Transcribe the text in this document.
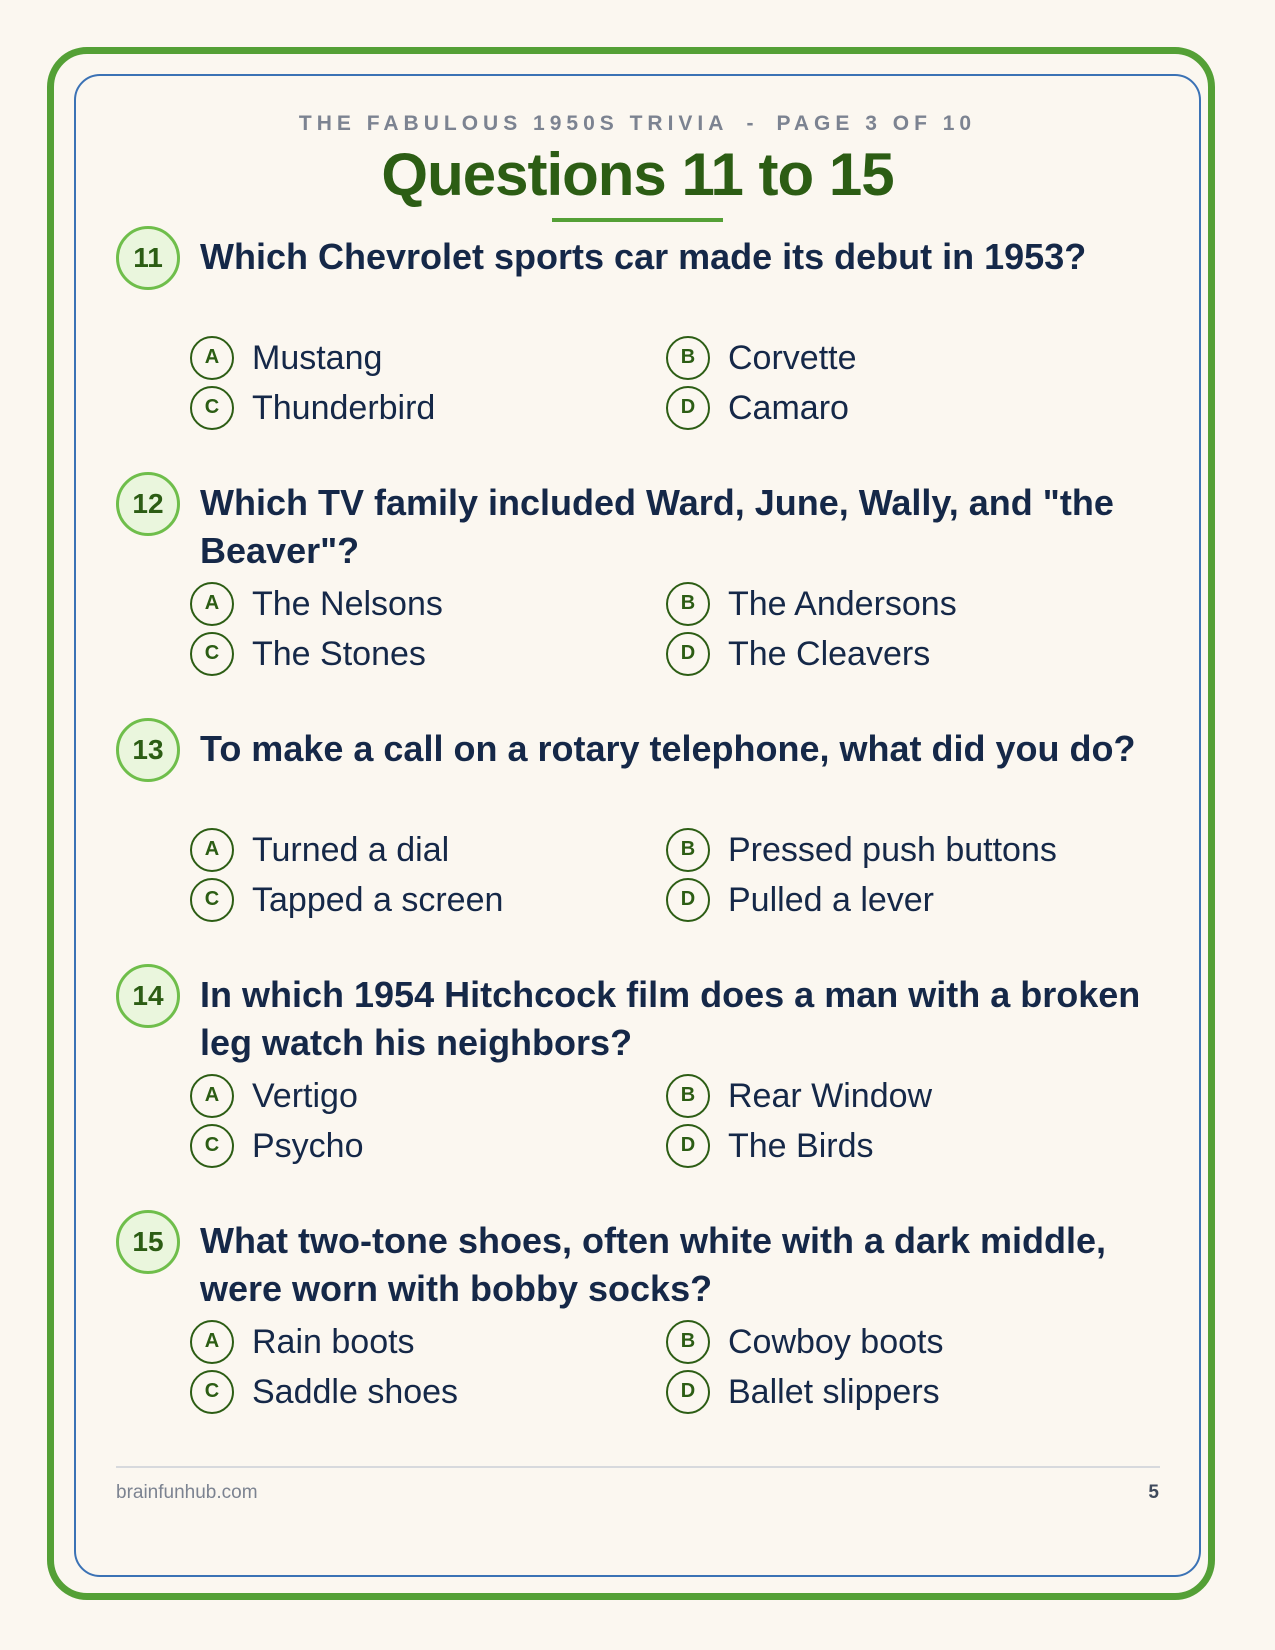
THE FABULOUS 1950S TRIVIA - PAGE 3 OF 10
Questions 11 to 15
11	Which Chevrolet sports car made its debut in 1953?
A Mustang	B Corvette
C Thunderbird	D Camaro
12	Which TV family included Ward, June, Wally, and "the Beaver"?
A The Nelsons	B The Andersons
C The Stones	D The Cleavers
13	To make a call on a rotary telephone, what did you do?
A Turned a dial	B Pressed push buttons
C Tapped a screen	D Pulled a lever
14	In which 1954 Hitchcock film does a man with a broken leg watch his neighbors?
A Vertigo	B Rear Window
C Psycho	D The Birds
15	What two-tone shoes, often white with a dark middle, were worn with bobby socks?
A Rain boots	B Cowboy boots
C Saddle shoes	D Ballet slippers
brainfunhub.com	5
